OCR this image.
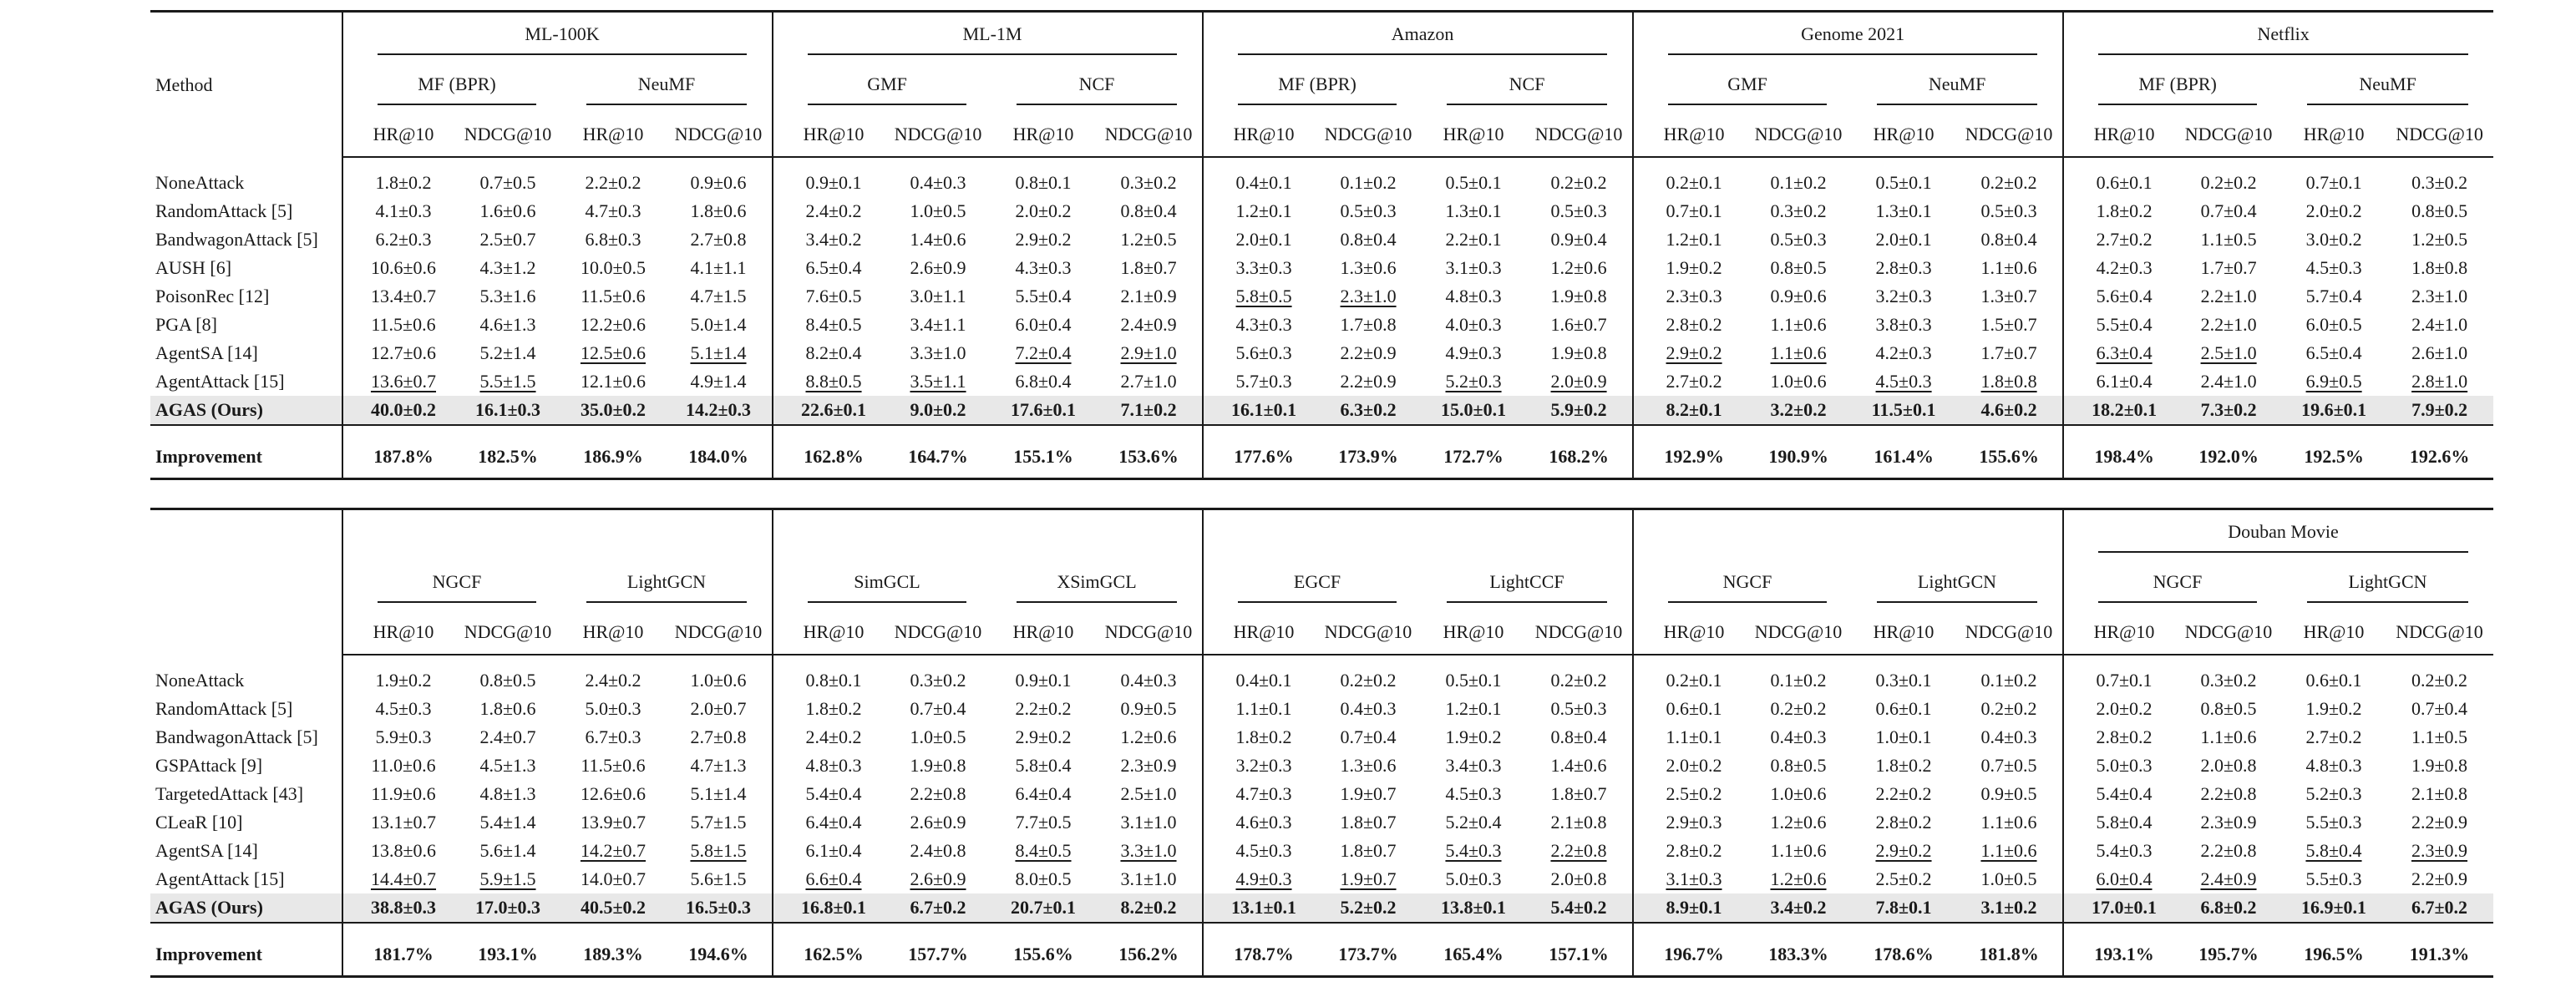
Method		ML-100K					ML-1M					Amazon					Genome 2021					Netflix			
		MF (BPR)		NeuMF			GMF		NCF			MF (BPR)		NCF			GMF		NeuMF			MF (BPR)		NeuMF	
		HR@10	NDCG@10	HR@10	NDCG@10		HR@10	NDCG@10	HR@10	NDCG@10		HR@10	NDCG@10	HR@10	NDCG@10		HR@10	NDCG@10	HR@10	NDCG@10		HR@10	NDCG@10	HR@10	NDCG@10

NoneAttack		1.8±0.2	0.7±0.5	2.2±0.2	0.9±0.6		0.9±0.1	0.4±0.3	0.8±0.1	0.3±0.2		0.4±0.1	0.1±0.2	0.5±0.1	0.2±0.2		0.2±0.1	0.1±0.2	0.5±0.1	0.2±0.2		0.6±0.1	0.2±0.2	0.7±0.1	0.3±0.2
RandomAttack [5]		4.1±0.3	1.6±0.6	4.7±0.3	1.8±0.6		2.4±0.2	1.0±0.5	2.0±0.2	0.8±0.4		1.2±0.1	0.5±0.3	1.3±0.1	0.5±0.3		0.7±0.1	0.3±0.2	1.3±0.1	0.5±0.3		1.8±0.2	0.7±0.4	2.0±0.2	0.8±0.5
BandwagonAttack [5]		6.2±0.3	2.5±0.7	6.8±0.3	2.7±0.8		3.4±0.2	1.4±0.6	2.9±0.2	1.2±0.5		2.0±0.1	0.8±0.4	2.2±0.1	0.9±0.4		1.2±0.1	0.5±0.3	2.0±0.1	0.8±0.4		2.7±0.2	1.1±0.5	3.0±0.2	1.2±0.5
AUSH [6]		10.6±0.6	4.3±1.2	10.0±0.5	4.1±1.1		6.5±0.4	2.6±0.9	4.3±0.3	1.8±0.7		3.3±0.3	1.3±0.6	3.1±0.3	1.2±0.6		1.9±0.2	0.8±0.5	2.8±0.3	1.1±0.6		4.2±0.3	1.7±0.7	4.5±0.3	1.8±0.8
PoisonRec [12]		13.4±0.7	5.3±1.6	11.5±0.6	4.7±1.5		7.6±0.5	3.0±1.1	5.5±0.4	2.1±0.9		5.8±0.5	2.3±1.0	4.8±0.3	1.9±0.8		2.3±0.3	0.9±0.6	3.2±0.3	1.3±0.7		5.6±0.4	2.2±1.0	5.7±0.4	2.3±1.0
PGA [8]		11.5±0.6	4.6±1.3	12.2±0.6	5.0±1.4		8.4±0.5	3.4±1.1	6.0±0.4	2.4±0.9		4.3±0.3	1.7±0.8	4.0±0.3	1.6±0.7		2.8±0.2	1.1±0.6	3.8±0.3	1.5±0.7		5.5±0.4	2.2±1.0	6.0±0.5	2.4±1.0
AgentSA [14]		12.7±0.6	5.2±1.4	12.5±0.6	5.1±1.4		8.2±0.4	3.3±1.0	7.2±0.4	2.9±1.0		5.6±0.3	2.2±0.9	4.9±0.3	1.9±0.8		2.9±0.2	1.1±0.6	4.2±0.3	1.7±0.7		6.3±0.4	2.5±1.0	6.5±0.4	2.6±1.0
AgentAttack [15]		13.6±0.7	5.5±1.5	12.1±0.6	4.9±1.4		8.8±0.5	3.5±1.1	6.8±0.4	2.7±1.0		5.7±0.3	2.2±0.9	5.2±0.3	2.0±0.9		2.7±0.2	1.0±0.6	4.5±0.3	1.8±0.8		6.1±0.4	2.4±1.0	6.9±0.5	2.8±1.0
AGAS (Ours)		40.0±0.2	16.1±0.3	35.0±0.2	14.2±0.3		22.6±0.1	9.0±0.2	17.6±0.1	7.1±0.2		16.1±0.1	6.3±0.2	15.0±0.1	5.9±0.2		8.2±0.1	3.2±0.2	11.5±0.1	4.6±0.2		18.2±0.1	7.3±0.2	19.6±0.1	7.9±0.2

Improvement		187.8%	182.5%	186.9%	184.0%		162.8%	164.7%	155.1%	153.6%		177.6%	173.9%	172.7%	168.2%		192.9%	190.9%	161.4%	155.6%		198.4%	192.0%	192.5%	192.6%
																						Douban Movie			
		NGCF		LightGCN			SimGCL		XSimGCL			EGCF		LightCCF			NGCF		LightGCN			NGCF		LightGCN	
		HR@10	NDCG@10	HR@10	NDCG@10		HR@10	NDCG@10	HR@10	NDCG@10		HR@10	NDCG@10	HR@10	NDCG@10		HR@10	NDCG@10	HR@10	NDCG@10		HR@10	NDCG@10	HR@10	NDCG@10

NoneAttack		1.9±0.2	0.8±0.5	2.4±0.2	1.0±0.6		0.8±0.1	0.3±0.2	0.9±0.1	0.4±0.3		0.4±0.1	0.2±0.2	0.5±0.1	0.2±0.2		0.2±0.1	0.1±0.2	0.3±0.1	0.1±0.2		0.7±0.1	0.3±0.2	0.6±0.1	0.2±0.2
RandomAttack [5]		4.5±0.3	1.8±0.6	5.0±0.3	2.0±0.7		1.8±0.2	0.7±0.4	2.2±0.2	0.9±0.5		1.1±0.1	0.4±0.3	1.2±0.1	0.5±0.3		0.6±0.1	0.2±0.2	0.6±0.1	0.2±0.2		2.0±0.2	0.8±0.5	1.9±0.2	0.7±0.4
BandwagonAttack [5]		5.9±0.3	2.4±0.7	6.7±0.3	2.7±0.8		2.4±0.2	1.0±0.5	2.9±0.2	1.2±0.6		1.8±0.2	0.7±0.4	1.9±0.2	0.8±0.4		1.1±0.1	0.4±0.3	1.0±0.1	0.4±0.3		2.8±0.2	1.1±0.6	2.7±0.2	1.1±0.5
GSPAttack [9]		11.0±0.6	4.5±1.3	11.5±0.6	4.7±1.3		4.8±0.3	1.9±0.8	5.8±0.4	2.3±0.9		3.2±0.3	1.3±0.6	3.4±0.3	1.4±0.6		2.0±0.2	0.8±0.5	1.8±0.2	0.7±0.5		5.0±0.3	2.0±0.8	4.8±0.3	1.9±0.8
TargetedAttack [43]		11.9±0.6	4.8±1.3	12.6±0.6	5.1±1.4		5.4±0.4	2.2±0.8	6.4±0.4	2.5±1.0		4.7±0.3	1.9±0.7	4.5±0.3	1.8±0.7		2.5±0.2	1.0±0.6	2.2±0.2	0.9±0.5		5.4±0.4	2.2±0.8	5.2±0.3	2.1±0.8
CLeaR [10]		13.1±0.7	5.4±1.4	13.9±0.7	5.7±1.5		6.4±0.4	2.6±0.9	7.7±0.5	3.1±1.0		4.6±0.3	1.8±0.7	5.2±0.4	2.1±0.8		2.9±0.3	1.2±0.6	2.8±0.2	1.1±0.6		5.8±0.4	2.3±0.9	5.5±0.3	2.2±0.9
AgentSA [14]		13.8±0.6	5.6±1.4	14.2±0.7	5.8±1.5		6.1±0.4	2.4±0.8	8.4±0.5	3.3±1.0		4.5±0.3	1.8±0.7	5.4±0.3	2.2±0.8		2.8±0.2	1.1±0.6	2.9±0.2	1.1±0.6		5.4±0.3	2.2±0.8	5.8±0.4	2.3±0.9
AgentAttack [15]		14.4±0.7	5.9±1.5	14.0±0.7	5.6±1.5		6.6±0.4	2.6±0.9	8.0±0.5	3.1±1.0		4.9±0.3	1.9±0.7	5.0±0.3	2.0±0.8		3.1±0.3	1.2±0.6	2.5±0.2	1.0±0.5		6.0±0.4	2.4±0.9	5.5±0.3	2.2±0.9
AGAS (Ours)		38.8±0.3	17.0±0.3	40.5±0.2	16.5±0.3		16.8±0.1	6.7±0.2	20.7±0.1	8.2±0.2		13.1±0.1	5.2±0.2	13.8±0.1	5.4±0.2		8.9±0.1	3.4±0.2	7.8±0.1	3.1±0.2		17.0±0.1	6.8±0.2	16.9±0.1	6.7±0.2

Improvement		181.7%	193.1%	189.3%	194.6%		162.5%	157.7%	155.6%	156.2%		178.7%	173.7%	165.4%	157.1%		196.7%	183.3%	178.6%	181.8%		193.1%	195.7%	196.5%	191.3%
